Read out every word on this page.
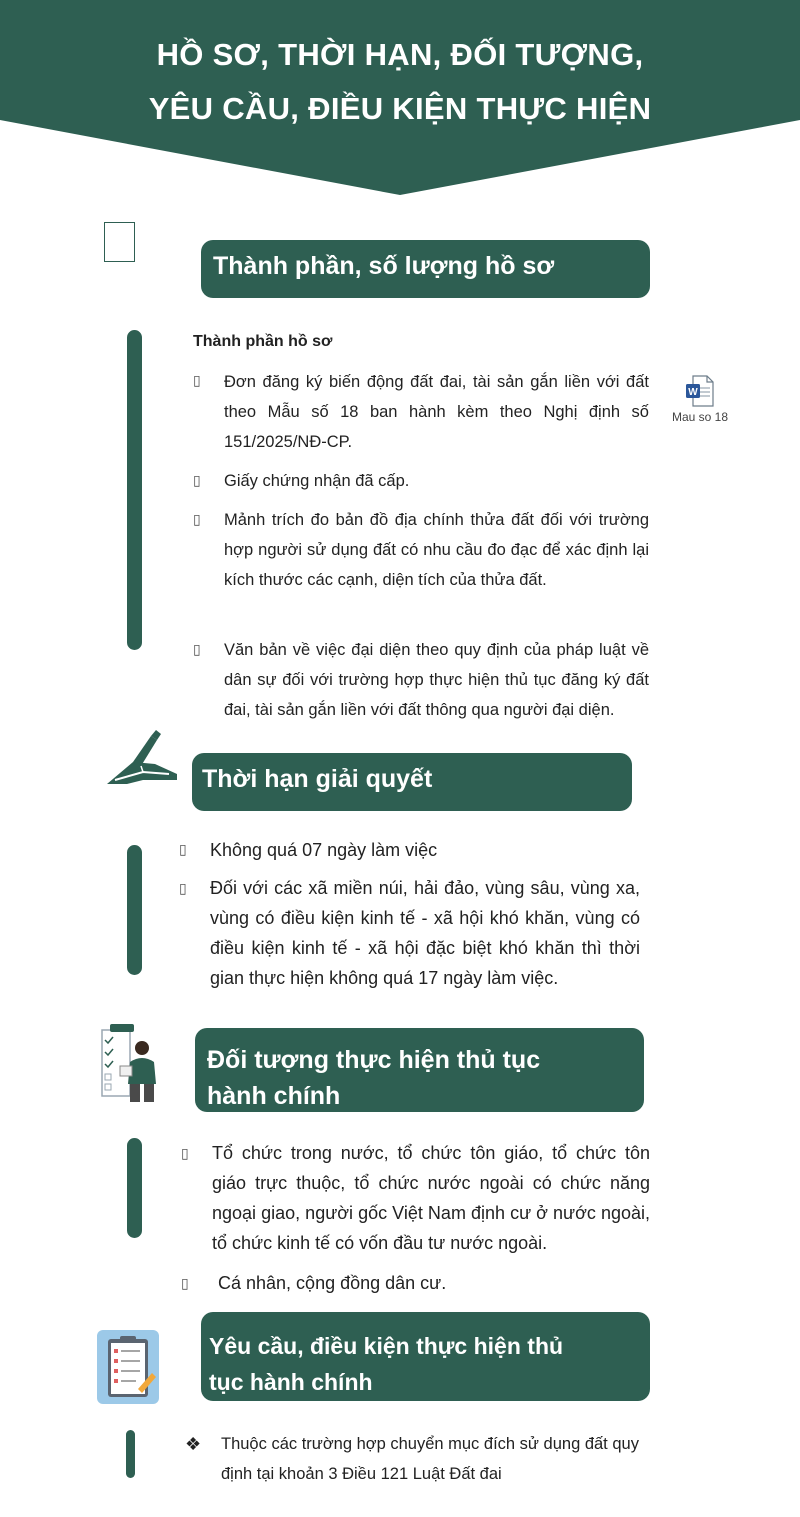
HỒ SƠ, THỜI HẠN, ĐỐI TƯỢNG,
YÊU CẦU, ĐIỀU KIỆN THỰC HIỆN
Thành phần, số lượng hồ sơ
Thành phần hồ sơ
▯ Đơn đăng ký biến động đất đai, tài sản gắn liền với đất theo Mẫu số 18 ban hành kèm theo Nghị định số 151/2025/NĐ-CP.
▯ Giấy chứng nhận đã cấp.
▯ Mảnh trích đo bản đồ địa chính thửa đất đối với trường hợp người sử dụng đất có nhu cầu đo đạc để xác định lại kích thước các cạnh, diện tích của thửa đất.
▯ Văn bản về việc đại diện theo quy định của pháp luật về dân sự đối với trường hợp thực hiện thủ tục đăng ký đất đai, tài sản gắn liền với đất thông qua người đại diện.
W
Mau so 18
Thời hạn giải quyết
▯ Không quá 07 ngày làm việc
▯ Đối với các xã miền núi, hải đảo, vùng sâu, vùng xa, vùng có điều kiện kinh tế - xã hội khó khăn, vùng có điều kiện kinh tế - xã hội đặc biệt khó khăn thì thời gian thực hiện không quá 17 ngày làm việc.
Đối tượng thực hiện thủ tục
hành chính
▯ Tổ chức trong nước, tổ chức tôn giáo, tổ chức tôn giáo trực thuộc, tổ chức nước ngoài có chức năng ngoại giao, người gốc Việt Nam định cư ở nước ngoài, tổ chức kinh tế có vốn đầu tư nước ngoài.
▯ Cá nhân, cộng đồng dân cư.
Yêu cầu, điều kiện thực hiện thủ
tục hành chính
❖ Thuộc các trường hợp chuyển mục đích sử dụng đất quy định tại khoản 3 Điều 121 Luật Đất đai
